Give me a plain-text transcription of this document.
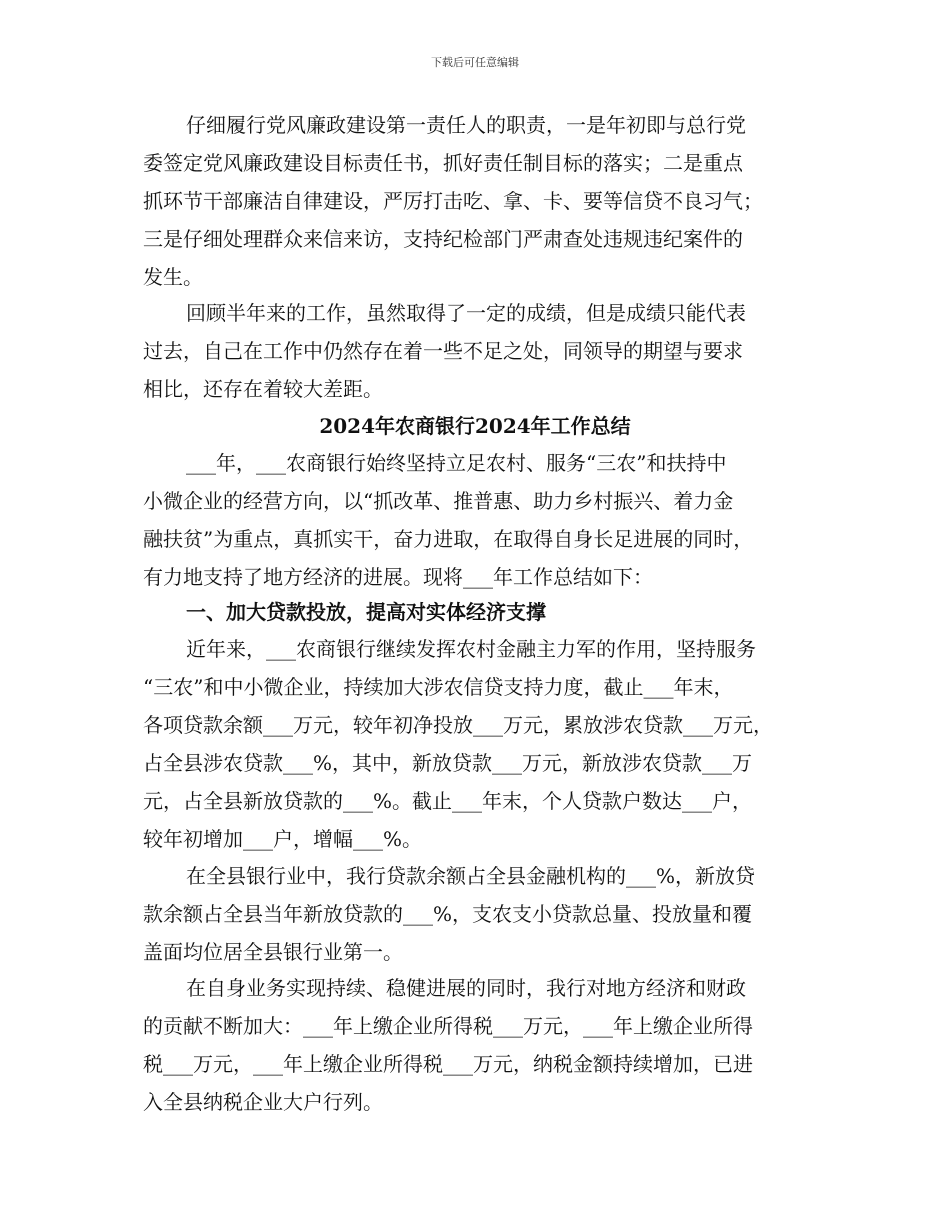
下载后可任意编辑
仔细履行党风廉政建设第一责任人的职责，一是年初即与总行党
委签定党风廉政建设目标责任书，抓好责任制目标的落实；二是重点
抓环节干部廉洁自律建设，严厉打击吃、拿、卡、要等信贷不良习气；
三是仔细处理群众来信来访，支持纪检部门严肃查处违规违纪案件的
发生。
回顾半年来的工作，虽然取得了一定的成绩，但是成绩只能代表
过去，自己在工作中仍然存在着一些不足之处，同领导的期望与要求
相比，还存在着较大差距。
2024年农商银行2024年工作总结
___年，___农商银行始终坚持立足农村、服务“三农”和扶持中
小微企业的经营方向，以“抓改革、推普惠、助力乡村振兴、着力金
融扶贫”为重点，真抓实干，奋力进取，在取得自身长足进展的同时，
有力地支持了地方经济的进展。现将___年工作总结如下：
一、加大贷款投放，提高对实体经济支撑
近年来，___农商银行继续发挥农村金融主力军的作用，坚持服务
“三农”和中小微企业，持续加大涉农信贷支持力度，截止___年末，
各项贷款余额___万元，较年初净投放___万元，累放涉农贷款___万元，
占全县涉农贷款___%，其中，新放贷款___万元，新放涉农贷款___万
元，占全县新放贷款的___%。截止___年末，个人贷款户数达___户，
较年初增加___户，增幅___%。
在全县银行业中，我行贷款余额占全县金融机构的___%，新放贷
款余额占全县当年新放贷款的___%，支农支小贷款总量、投放量和覆
盖面均位居全县银行业第一。
在自身业务实现持续、稳健进展的同时，我行对地方经济和财政
的贡献不断加大：___年上缴企业所得税___万元，___年上缴企业所得
税___万元，___年上缴企业所得税___万元，纳税金额持续增加，已进
入全县纳税企业大户行列。
